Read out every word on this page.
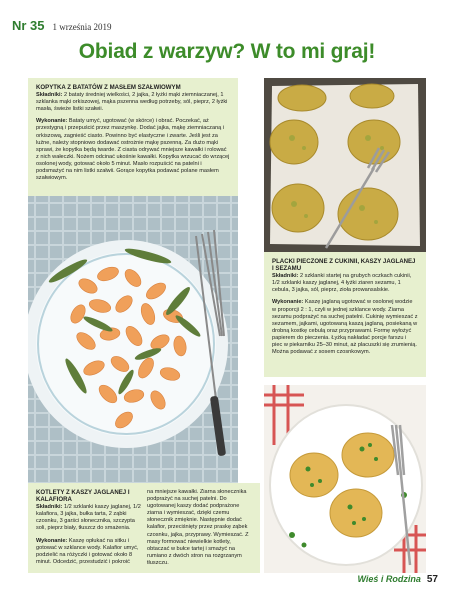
Nr 35 1 września 2019
Obiad z warzyw? W to mi graj!
KOPYTKA Z BATATÓW Z MASŁEM SZAŁWIOWYM

Składniki: 2 bataty średniej wielkości, 2 jajka, 2 łyżki mąki ziemniaczanej, 1 szklanka mąki orkiszowej, mąka pszenna według potrzeby, sól, pieprz, 2 łyżki masła, świeże listki szałwii.

Wykonanie: Bataty umyć, ugotować (w skórce) i obrać. Poczekać, aż przestygną i przepuścić przez maszynkę. Dodać jajka, mąkę ziemniaczaną i orkiszową, zagnieść ciasto. Powinno być elastyczne i zwarte. Jeśli jest za luźne, należy stopniowo dodawać ostrożnie mąkę pszenną. Za dużo mąki sprawi, że kopytka będą twarde. Z ciasta odrywać mniejsze kawałki i rolować z nich wałeczki. Nożem odcinać ukośnie kawałki. Kopytka wrzucać do wrzącej osolonej wody, gotować około 5 minut. Masło rozpuścić na patelni i podsmażyć na nim listki szałwii. Gorące kopytka podawać polane masłem szałwiowym.

PLACKI PIECZONE Z CUKINII, KASZY JAGLANEJ I SEZAMU

Składniki: 2 szklanki startej na grubych oczkach cukinii, 1/2 szklanki kaszy jaglanej, 4 łyżki ziaren sezamu, 1 cebula, 3 jajka, sól, pieprz, zioła prowansalskie.

Wykonanie: Kaszę jaglaną ugotować w osolonej wodzie w proporcji 2 : 1, czyli w jednej szklance wody. Ziarna sezamu podprażyć na suchej patelni. Cukinię wymieszać z sezamem, jajkami, ugotowaną kaszą jaglaną, posiekaną w drobną kostkę cebulą oraz przyprawami. Formę wyłożyć papierem do pieczenia. Łyżką nakładać porcje farszu i piec w piekarniku 25–30 minut, aż placuszki się zrumienią. Można podawać z sosem czosnkowym.

KOTLETY Z KASZY JAGLANEJ I KALAFIORA

Składniki: 1/2 szklanki kaszy jaglanej, 1/2 kalafiora, 3 jajka, bułka tarta, 2 ząbki czosnku, 3 garści słonecznika, szczypta soli, pieprz biały, tłuszcz do smażenia.

Wykonanie: Kaszę opłukać na sitku i gotować w szklance wody. Kalafior umyć, podzielić na różyczki i gotować około 8 minut. Odcedzić, przestudzić i pokroić

na mniejsze kawałki. Ziarna słonecznika podprażyć na suchej patelni. Do ugotowanej kaszy dodać podprażone ziarna i wymieszać, dzięki czemu słonecznik zmięknie. Następnie dodać kalafior, przeciśnięty przez praskę ząbek czosnku, jajka, przyprawy. Wymieszać. Z masy formować niewielkie kotlety, obtaczać w bułce tartej i smażyć na rumiano z dwóch stron na rozgrzanym tłuszczu.

Wieś i Rodzina 57
